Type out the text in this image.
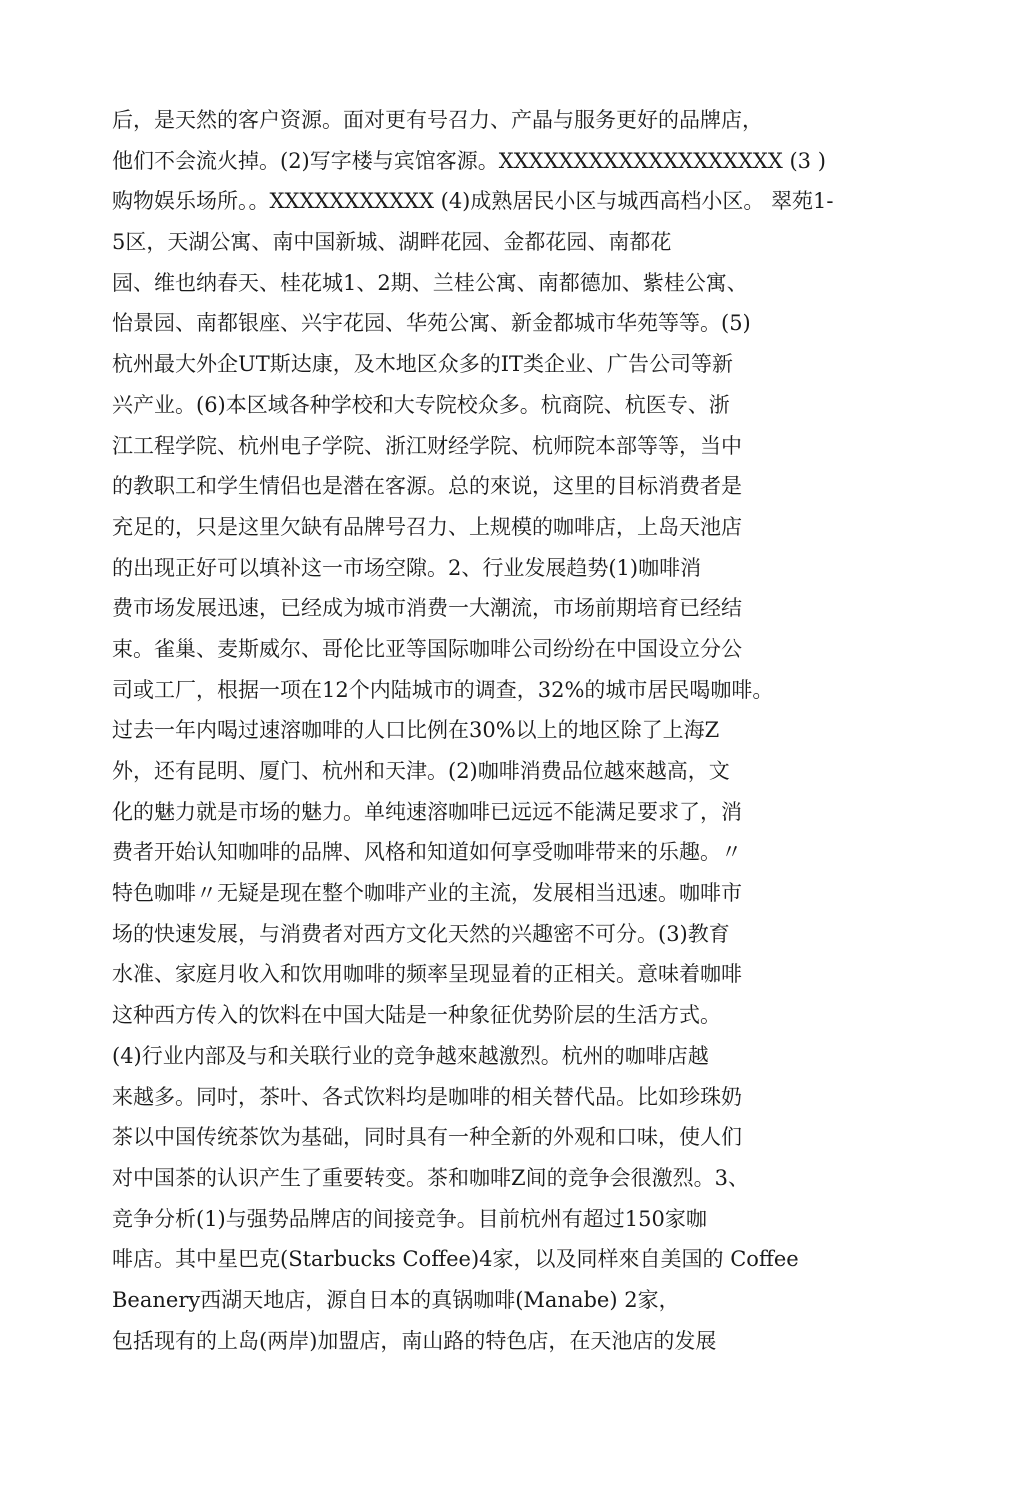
后，是天然的客户资源。面对更有号召力、产晶与服务更好的品牌店，
他们不会流火掉。(2)写字楼与宾馆客源。XXXXXXXXXXXXXXXXXXX (3 )
购物娱乐场所。。XXXXXXXXXXX (4)成熟居民小区与城西高档小区。 翠苑1-
5区，天湖公寓、南中国新城、湖畔花园、金都花园、南都花
园、维也纳春天、桂花城1、2期、兰桂公寓、南都德加、紫桂公寓、
怡景园、南都银座、兴宇花园、华苑公寓、新金都城市华苑等等。(5)
杭州最大外企UT斯达康，及木地区众多的IT类企业、广告公司等新
兴产业。(6)本区域各种学校和大专院校众多。杭商院、杭医专、浙
江工程学院、杭州电子学院、浙江财经学院、杭师院本部等等，当中
的教职工和学生情侣也是潜在客源。总的來说，这里的目标消费者是
充足的，只是这里欠缺有品牌号召力、上规模的咖啡店，上岛天池店
的出现正好可以填补这一市场空隙。2、行业发展趋势(1)咖啡消
费市场发展迅速，已经成为城市消费一大潮流，市场前期培育已经结
束。雀巢、麦斯威尔、哥伦比亚等国际咖啡公司纷纷在中国设立分公
司或工厂，根据一项在12个内陆城市的调查，32%的城市居民喝咖啡。
过去一年内喝过速溶咖啡的人口比例在30%以上的地区除了上海Z
外，还有昆明、厦门、杭州和天津。(2)咖啡消费品位越來越高，文
化的魅力就是市场的魅力。单纯速溶咖啡已远远不能满足要求了，消
费者开始认知咖啡的品牌、风格和知道如何享受咖啡带来的乐趣。〃
特色咖啡〃无疑是现在整个咖啡产业的主流，发展相当迅速。咖啡市
场的快速发展，与消费者对西方文化天然的兴趣密不可分。(3)教育
水准、家庭月收入和饮用咖啡的频率呈现显着的正相关。意味着咖啡
这种西方传入的饮料在中国大陆是一种象征优势阶层的生活方式。
(4)行业内部及与和关联行业的竞争越來越激烈。杭州的咖啡店越
来越多。同吋，茶叶、各式饮料均是咖啡的相关替代品。比如珍珠奶
茶以中国传统茶饮为基础，同时具有一种全新的外观和口味，使人们
对中国茶的认识产生了重要转变。茶和咖啡Z间的竞争会很激烈。3、
竞争分析(1)与强势品牌店的间接竞争。目前杭州有超过150家咖
啡店。其中星巴克(Starbucks Coffee)4家，以及同样來自美国的 Coffee
Beanery西湖天地店，源自日本的真锅咖啡(Manabe) 2家，
包括现有的上岛(两岸)加盟店，南山路的特色店，在天池店的发展
